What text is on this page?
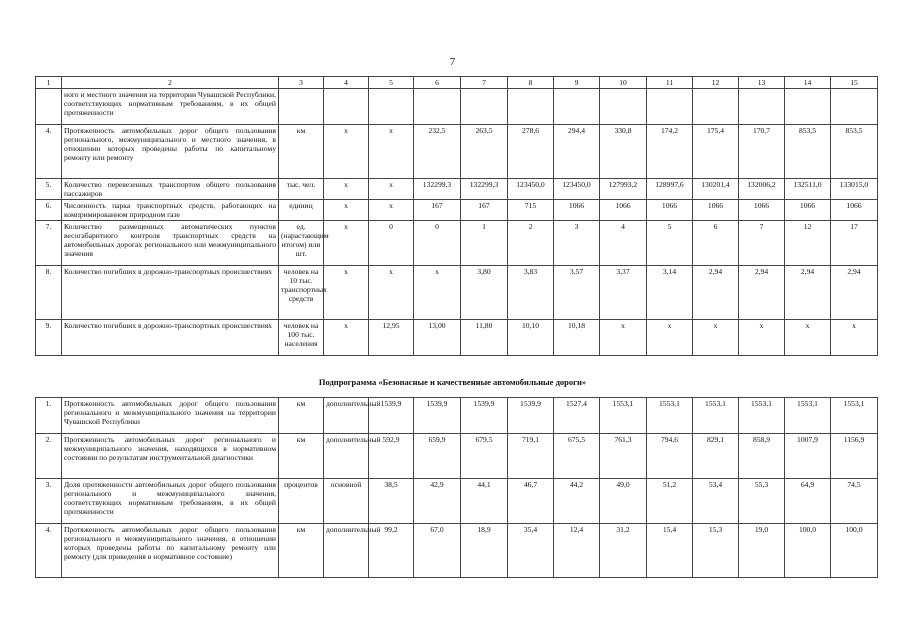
7
1	2	3	4	5	6	7	8	9	10	11	12	13	14	15
	ного и местного значения на территории Чувашской Республики, соответствующих нормативным требованиям, в их общей протяженности													
4.	Протяженность автомобильных дорог общего пользования регионального, межмуниципального и местного значения, в отношении которых проведены работы по капитальному ремонту или ремонту	км	х	х	232,5	263,5	278,6	294,4	330,8	174,2	175,4	170,7	853,5	853,5
5.	Количество перевезенных транспортом общего пользования пассажиров	тыс. чел.	х	х	132299,3	132299,3	123450,0	123450,0	127993,2	128997,6	130201,4	132006,2	132511,0	133015,0
6.	Численность парка транспортных средств, работающих на компримированном природном газе	единиц	х	х	167	167	715	1066	1066	1066	1066	1066	1066	1066
7.	Количество размещенных автоматических пунктов весогабаритного контроля транспортных средств на автомобильных дорогах регионального или межмуниципального значения	ед. (нарастающим итогом) или шт.	х	0	0	1	2	3	4	5	6	7	12	17
8.	Количество погибших в дорожно-транспортных происшествиях	человек на 10 тыс. транспортных средств	х	х	х	3,80	3,83	3,57	3,37	3,14	2,94	2,94	2,94	2,94
9.	Количество погибших в дорожно-транспортных происшествиях	человек на 100 тыс. населения	х	12,95	13,00	11,80	10,10	10,18	х	х	х	х	х	х
Подпрограмма «Безопасные и качественные автомобильные дороги»
1.	Протяженность автомобильных дорог общего пользования регионального и межмуниципального значения на территории Чувашской Республики	км	дополнительный	1539,9	1539,9	1539,9	1539,9	1527,4	1553,1	1553,1	1553,1	1553,1	1553,1	1553,1
2.	Протяженность автомобильных дорог регионального и межмуниципального значения, находящихся в нормативном состоянии по результатам инструментальной диагностики	км	дополнительный	592,9	659,9	679,5	719,1	675,5	761,3	794,6	829,1	858,9	1007,9	1156,9
3.	Доля протяженности автомобильных дорог общего пользования регионального и межмуниципального значения, соответствующих нормативным требованиям, в их общей протяженности	процентов	основной	38,5	42,9	44,1	46,7	44,2	49,0	51,2	53,4	55,3	64,9	74,5
4.	Протяженность автомобильных дорог общего пользования регионального и межмуниципального значения, в отношении которых проведены работы по капитальному ремонту или ремонту (для приведения в нормативное состояние)	км	дополнительный	99,2	67,0	18,9	35,4	12,4	31,2	15,4	15,3	19,0	100,0	100,0
